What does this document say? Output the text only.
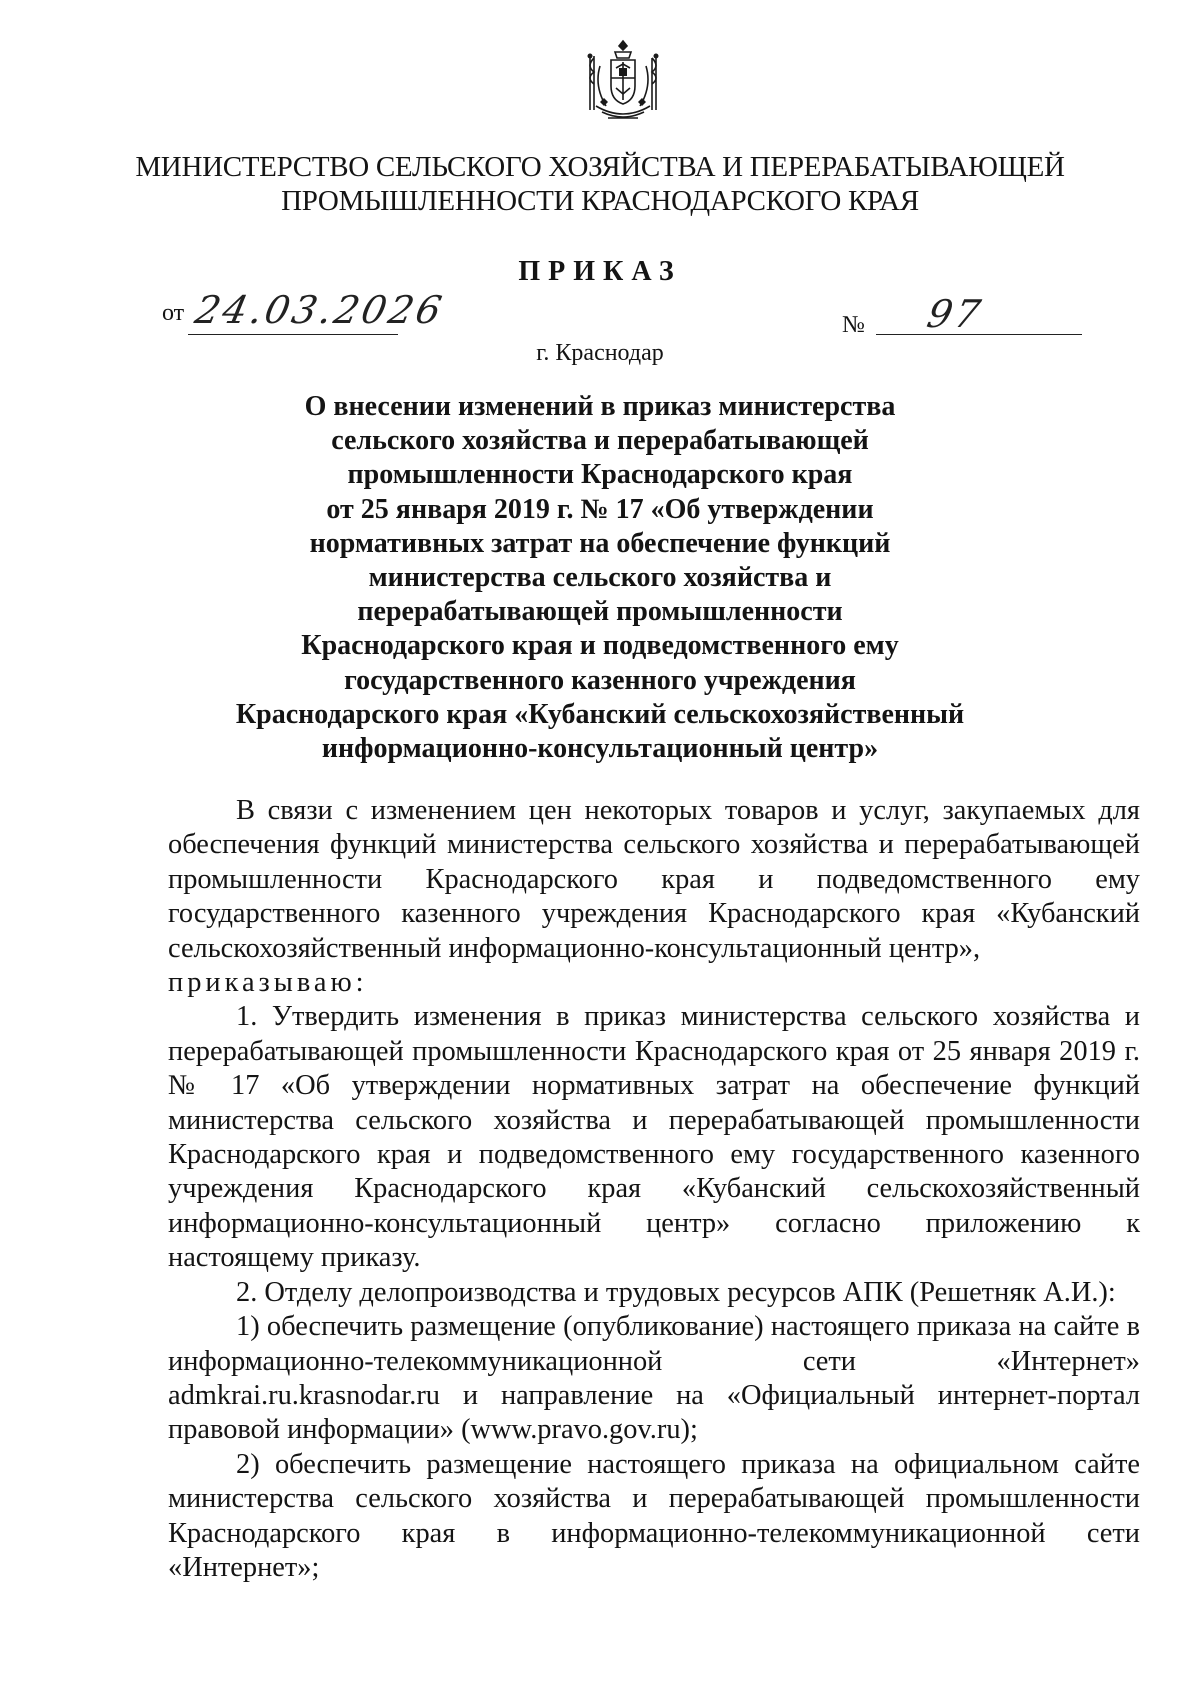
МИНИСТЕРСТВО СЕЛЬСКОГО ХОЗЯЙСТВА И ПЕРЕРАБАТЫВАЮЩЕЙ
ПРОМЫШЛЕННОСТИ КРАСНОДАРСКОГО КРАЯ
ПРИКАЗ
от 24.03.2026	№ 97
г. Краснодар
О внесении изменений в приказ министерства
сельского хозяйства и перерабатывающей
промышленности Краснодарского края
от 25 января 2019 г. № 17 «Об утверждении
нормативных затрат на обеспечение функций
министерства сельского хозяйства и
перерабатывающей промышленности
Краснодарского края и подведомственного ему
государственного казенного учреждения
Краснодарского края «Кубанский сельскохозяйственный
информационно-консультационный центр»

В связи с изменением цен некоторых товаров и услуг, закупаемых для обеспечения функций министерства сельского хозяйства и перерабатывающей промышленности Краснодарского края и подведомственного ему государственного казенного учреждения Краснодарского края «Кубанский сельскохозяйственный информационно-консультационный центр»,

приказываю:

1. Утвердить изменения в приказ министерства сельского хозяйства и перерабатывающей промышленности Краснодарского края от 25 января 2019 г. № 17 «Об утверждении нормативных затрат на обеспечение функций министерства сельского хозяйства и перерабатывающей промышленности Краснодарского края и подведомственного ему государственного казенного учреждения Краснодарского края «Кубанский сельскохозяйственный информационно-консультационный центр» согласно приложению к настоящему приказу.

2. Отделу делопроизводства и трудовых ресурсов АПК (Решетняк А.И.):

1) обеспечить размещение (опубликование) настоящего приказа на сайте в информационно-телекоммуникационной сети «Интернет» admkrai.ru.krasnodar.ru и направление на «Официальный интернет-портал правовой информации» (www.pravo.gov.ru);

2) обеспечить размещение настоящего приказа на официальном сайте министерства сельского хозяйства и перерабатывающей промышленности Краснодарского края в информационно-телекоммуникационной сети «Интернет»;
